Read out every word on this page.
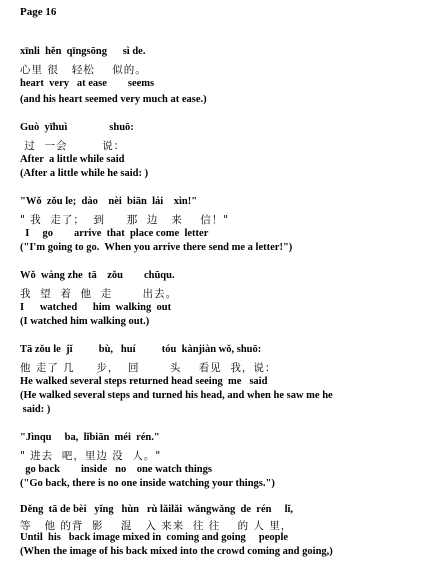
Page 16
xīnli  hěn  qīngsōng      sì de.
心里 很   轻松    似的。
heart  very   at ease        seems
(and his heart seemed very much at ease.)
Guò  yīhuì                shuō:
过  一会        说：
After  a little while said
(After a little while he said: )
"Wǒ  zǒu le;  dào    nèi  biān  lái    xìn!"
" 我  走了；  到     那  边   来    信！"
I     go        arrive  that  place come  letter
("I'm going to go.  When you arrive there send me a letter!")
Wǒ  wàng zhe  tā    zǒu        chūqu.
我  望  着  他  走       出去。
I      watched      him  walking  out
(I watched him walking out.)
Tā zǒu le  jǐ          bù,   huí          tóu  kànjiàn wǒ, shuō:
他 走了 几     步，  回       头    看见  我，说：
He walked several steps returned head seeing  me   said
(He walked several steps and turned his head, and when he saw me he
said: )
"Jìnqu     ba,  lǐbiān  méi  rén."
" 进去  吧，里边 没  人。"
go back        inside   no    one watch things
("Go back, there is no one inside watching your things.")
Děng  tā de bèi   yǐng   hùn   rù lǎilǎi  wǎngwǎng  de  rén     lǐ,
等   他 的背  影    混   入 来来  往 往    的 人 里，
Until  his   back image mixed in  coming and going     people
(When the image of his back mixed into the crowd coming and going,)
